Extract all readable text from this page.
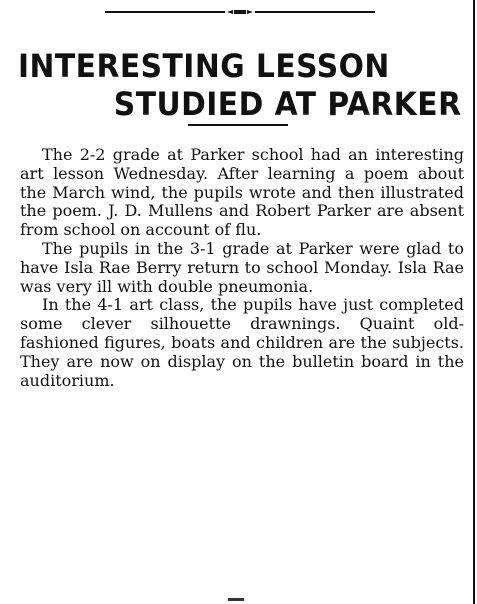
INTERESTING LESSON
STUDIED AT PARKER

The 2-2 grade at Parker school had an interesting art lesson Wednesday. After learning a poem about the March wind, the pupils wrote and then illustrated the poem. J. D. Mullens and Robert Parker are absent from school on account of flu.

The pupils in the 3-1 grade at Parker were glad to have Isla Rae Berry return to school Monday. Isla Rae was very ill with double pneumonia.

In the 4-1 art class, the pupils have just completed some clever silhouette drawnings. Quaint old-fashioned figures, boats and children are the subjects. They are now on display on the bulletin board in the auditorium.
